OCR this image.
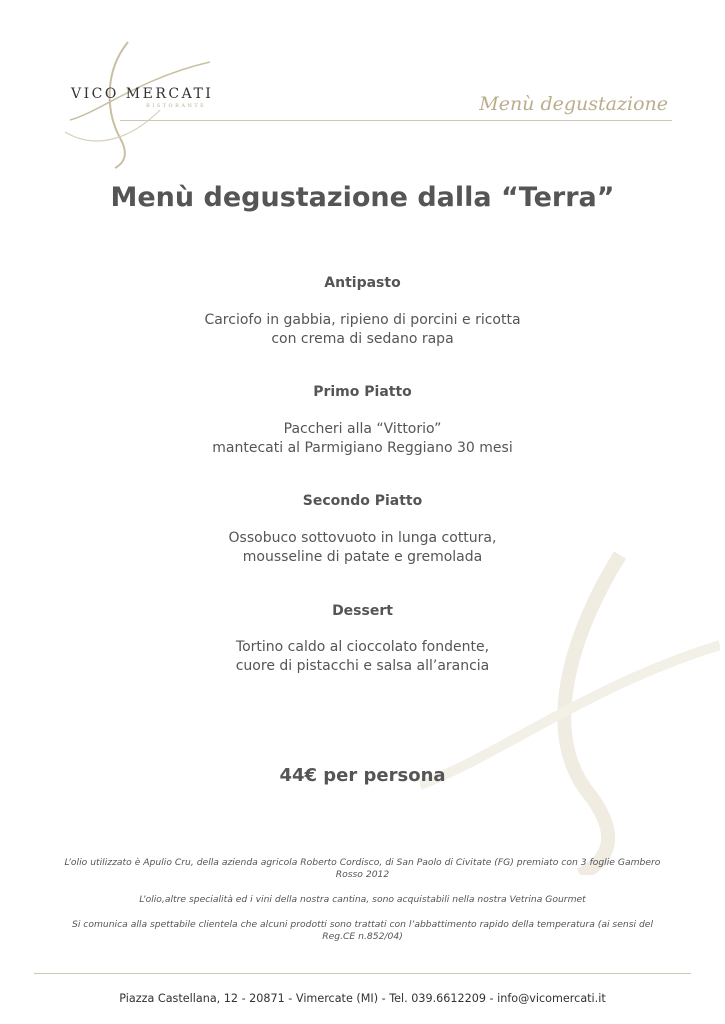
VICO MERCATI
RISTORANTE	Menù degustazione
Menù degustazione dalla “Terra”
Antipasto
Carciofo in gabbia, ripieno di porcini e ricotta
con crema di sedano rapa
Primo Piatto
Paccheri alla “Vittorio”
mantecati al Parmigiano Reggiano 30 mesi
Secondo Piatto
Ossobuco sottovuoto in lunga cottura,
mousseline di patate e gremolada
Dessert
Tortino caldo al cioccolato fondente,
cuore di pistacchi e salsa all’arancia
44€ per persona
L’olio utilizzato è Apulio Cru, della azienda agricola Roberto Cordisco, di San Paolo di Civitate (FG) premiato con 3 foglie Gambero Rosso 2012
L’olio,altre specialità ed i vini della nostra cantina, sono acquistabili nella nostra Vetrina Gourmet
Si comunica alla spettabile clientela che alcuni prodotti sono trattati con l’abbattimento rapido della temperatura (ai sensi del Reg.CE n.852/04)
Piazza Castellana, 12 - 20871 - Vimercate (MI) - Tel. 039.6612209 - info@vicomercati.it
